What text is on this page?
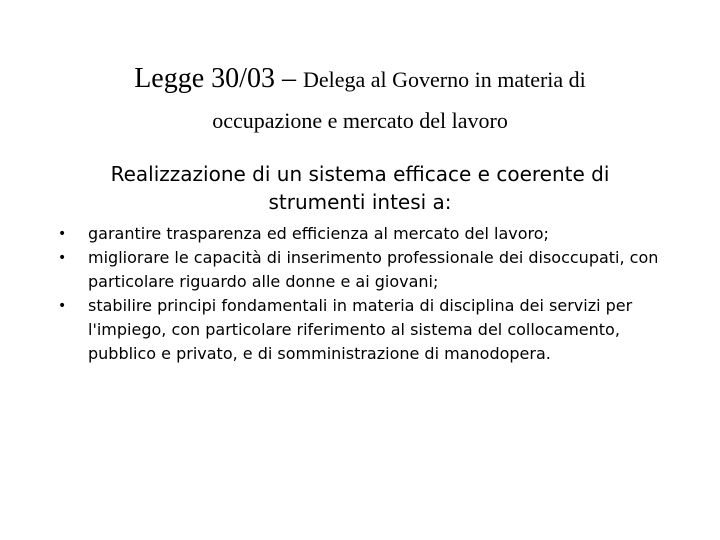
Legge 30/03 – Delega al Governo in materia di
occupazione e mercato del lavoro
Realizzazione di un sistema efficace e coerente di
strumenti intesi a:
• garantire trasparenza ed efficienza al mercato del lavoro;
• migliorare le capacità di inserimento professionale dei disoccupati, con particolare riguardo alle donne e ai giovani;
• stabilire principi fondamentali in materia di disciplina dei servizi per l'impiego, con particolare riferimento al sistema del collocamento, pubblico e privato, e di somministrazione di manodopera.
